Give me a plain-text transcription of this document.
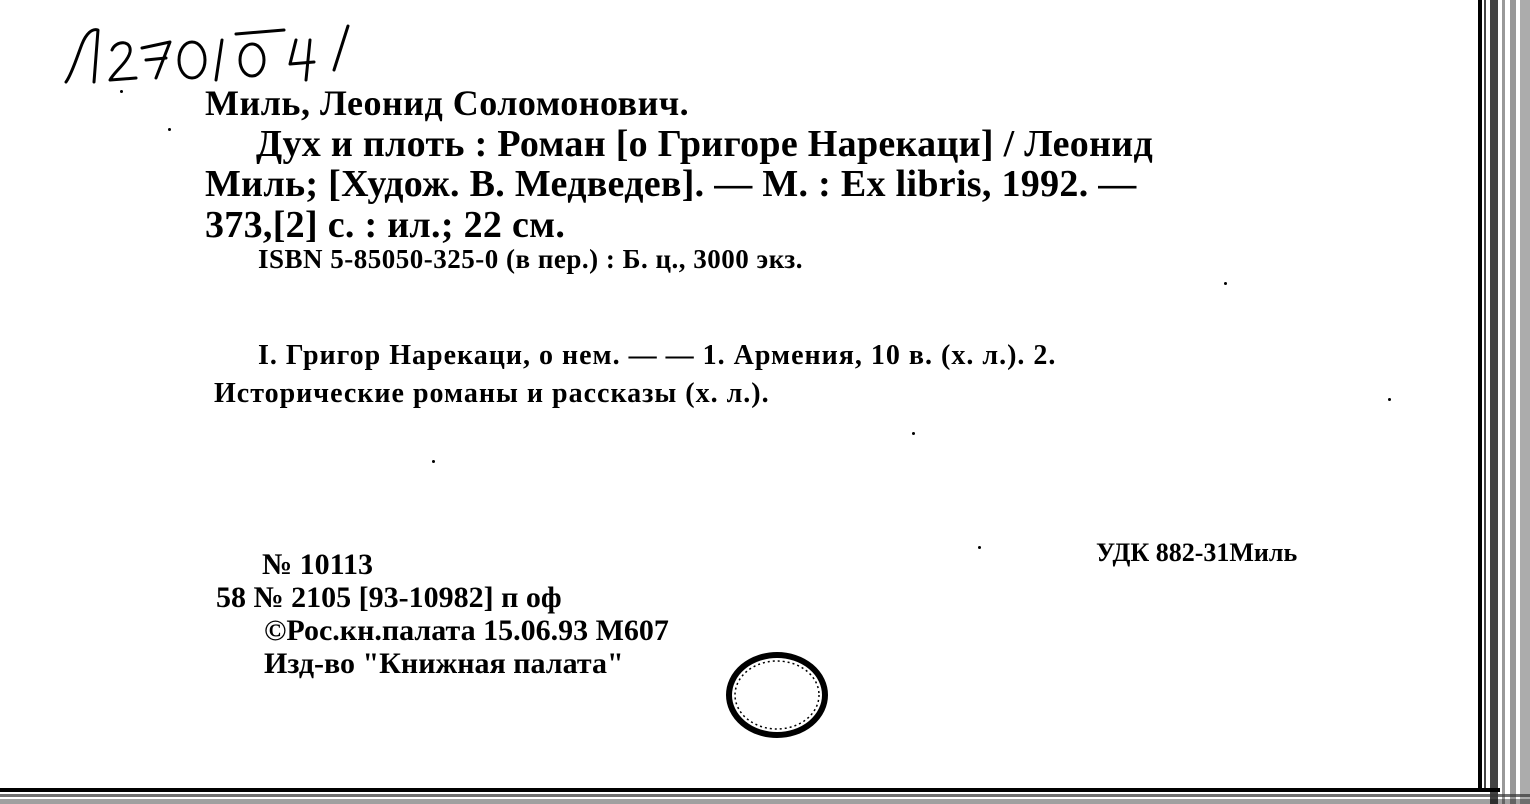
Миль, Леонид Соломонович.
Дух и плоть : Роман [о Григоре Нарекаци] / Леонид
Миль; [Худож. В. Медведев]. — М. : Ex libris, 1992. —
373,[2] с. : ил.; 22 см.
ISBN 5-85050-325-0 (в пер.) : Б. ц., 3000 экз.
I. Григор Нарекаци, о нем. — — 1. Армения, 10 в. (х. л.). 2.
Исторические романы и рассказы (х. л.).
УДК 882-31Миль
№ 10113
58 № 2105 [93-10982] п оф
©Рос.кн.палата 15.06.93 М607
Изд-во "Книжная палата"
